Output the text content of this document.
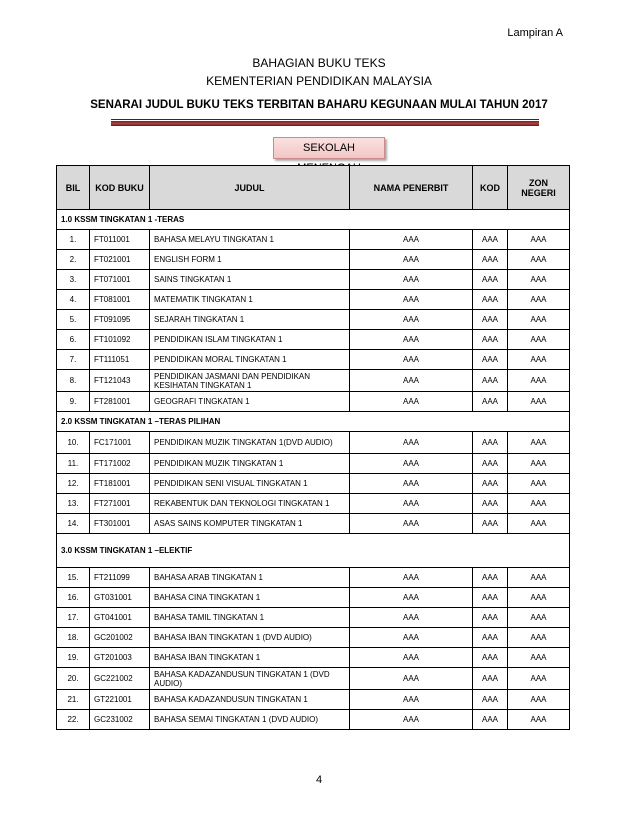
Lampiran A
BAHAGIAN BUKU TEKS
KEMENTERIAN PENDIDIKAN MALAYSIA
SENARAI JUDUL BUKU TEKS TERBITAN BAHARU KEGUNAAN MULAI TAHUN 2017
SEKOLAH
BIL	KOD BUKU	JUDUL	NAMA PENERBIT	KOD	ZON NEGERI
1.0 KSSM TINGKATAN 1 -TERAS					
1.	FT011001	BAHASA MELAYU TINGKATAN 1	AAA	AAA	AAA
2.	FT021001	ENGLISH FORM 1	AAA	AAA	AAA
3.	FT071001	SAINS TINGKATAN 1	AAA	AAA	AAA
4.	FT081001	MATEMATIK TINGKATAN 1	AAA	AAA	AAA
5.	FT091095	SEJARAH TINGKATAN 1	AAA	AAA	AAA
6.	FT101092	PENDIDIKAN ISLAM TINGKATAN 1	AAA	AAA	AAA
7.	FT111051	PENDIDIKAN MORAL TINGKATAN 1	AAA	AAA	AAA
8.	FT121043	PENDIDIKAN JASMANI DAN PENDIDIKAN KESIHATAN TINGKATAN 1	AAA	AAA	AAA
9.	FT281001	GEOGRAFI TINGKATAN 1	AAA	AAA	AAA
2.0 KSSM TINGKATAN 1 –TERAS PILIHAN					
10.	FC171001	PENDIDIKAN MUZIK TINGKATAN 1(DVD AUDIO)	AAA	AAA	AAA
11.	FT171002	PENDIDIKAN MUZIK TINGKATAN 1	AAA	AAA	AAA
12.	FT181001	PENDIDIKAN SENI VISUAL TINGKATAN 1	AAA	AAA	AAA
13.	FT271001	REKABENTUK DAN TEKNOLOGI TINGKATAN 1	AAA	AAA	AAA
14.	FT301001	ASAS SAINS KOMPUTER TINGKATAN 1	AAA	AAA	AAA
3.0 KSSM TINGKATAN 1 –ELEKTIF					
15.	FT211099	BAHASA ARAB TINGKATAN 1	AAA	AAA	AAA
16.	GT031001	BAHASA CINA TINGKATAN 1	AAA	AAA	AAA
17.	GT041001	BAHASA TAMIL TINGKATAN 1	AAA	AAA	AAA
18.	GC201002	BAHASA IBAN TINGKATAN 1 (DVD AUDIO)	AAA	AAA	AAA
19.	GT201003	BAHASA IBAN TINGKATAN 1	AAA	AAA	AAA
20.	GC221002	BAHASA KADAZANDUSUN TINGKATAN 1 (DVD AUDIO)	AAA	AAA	AAA
21.	GT221001	BAHASA KADAZANDUSUN TINGKATAN 1	AAA	AAA	AAA
22.	GC231002	BAHASA SEMAI TINGKATAN 1 (DVD AUDIO)	AAA	AAA	AAA
4
